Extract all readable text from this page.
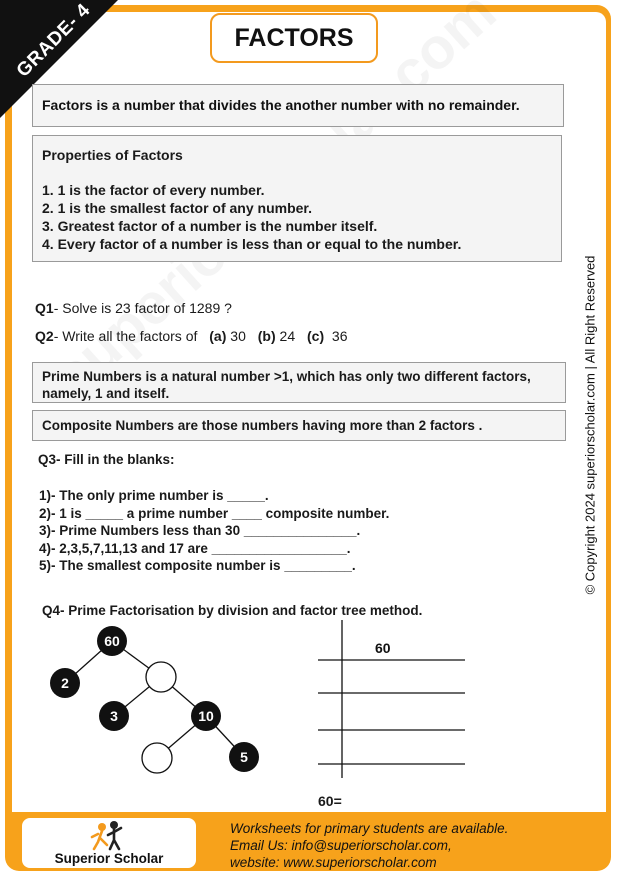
GRADE- 4	FACTORS
Factors is a number that divides the another number with no remainder.
Properties of Factors
1. 1 is the factor of every number.
2. 1 is the smallest factor of any number.
3. Greatest factor of a number is the number itself.
4. Every factor of a number is less than or equal to the number.
Q1- Solve is 23 factor of 1289 ?
Q2- Write all the factors of (a) 30 (b) 24 (c) 36
Prime Numbers is a natural number >1, which has only two different factors, namely, 1 and itself.
Composite Numbers are those numbers having more than 2 factors .
Q3- Fill in the blanks:
1)- The only prime number is _____.
2)- 1 is _____ a prime number ____ composite number.
3)- Prime Numbers less than 30 _______________.
4)- 2,3,5,7,11,13 and 17 are __________________.
5)- The smallest composite number is _________.
Q4- Prime Factorisation by division and factor tree method.
60
2
3	10
5
60
60=
© Copyright 2024 superiorscholar.com | All Right Reserved
Superior Scholar
Worksheets for primary students are available.
Email Us: info@superiorscholar.com,
website: www.superiorscholar.com
